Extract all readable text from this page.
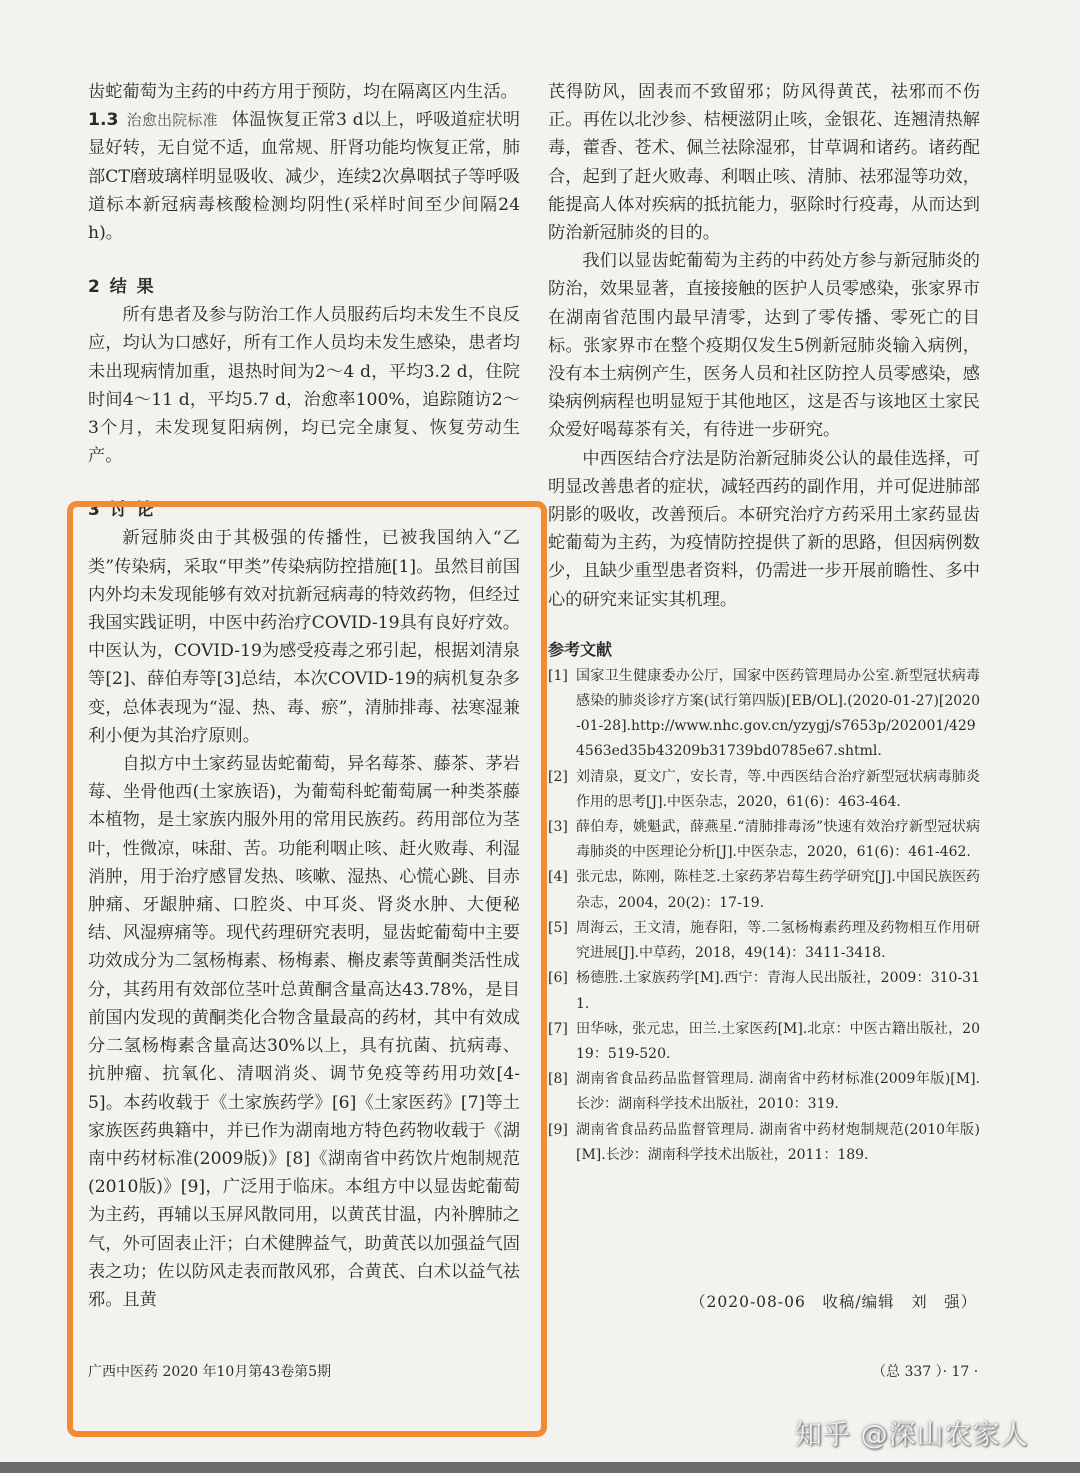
齿蛇葡萄为主药的中药方用于预防，均在隔离区内生活。

1.3 治愈出院标准 体温恢复正常3 d以上，呼吸道症状明显好转，无自觉不适，血常规、肝肾功能均恢复正常，肺部CT磨玻璃样明显吸收、减少，连续2次鼻咽拭子等呼吸道标本新冠病毒核酸检测均阴性(采样时间至少间隔24 h)。

2 结 果

所有患者及参与防治工作人员服药后均未发生不良反应，均认为口感好，所有工作人员均未发生感染，患者均未出现病情加重，退热时间为2～4 d，平均3.2 d，住院时间4～11 d，平均5.7 d，治愈率100%，追踪随访2～3个月，未发现复阳病例，均已完全康复、恢复劳动生产。

3 讨 论

新冠肺炎由于其极强的传播性，已被我国纳入“乙类”传染病，采取“甲类”传染病防控措施[1]。虽然目前国内外均未发现能够有效对抗新冠病毒的特效药物，但经过我国实践证明，中医中药治疗COVID-19具有良好疗效。中医认为，COVID-19为感受疫毒之邪引起，根据刘清泉等[2]、薛伯寿等[3]总结，本次COVID-19的病机复杂多变，总体表现为“湿、热、毒、瘀”，清肺排毒、祛寒湿兼利小便为其治疗原则。

自拟方中土家药显齿蛇葡萄，异名莓茶、藤茶、茅岩莓、坐骨他西(土家族语)，为葡萄科蛇葡萄属一种类茶藤本植物，是土家族内服外用的常用民族药。药用部位为茎叶，性微凉，味甜、苦。功能利咽止咳、赶火败毒、利湿消肿，用于治疗感冒发热、咳嗽、湿热、心慌心跳、目赤肿痛、牙龈肿痛、口腔炎、中耳炎、肾炎水肿、大便秘结、风湿痹痛等。现代药理研究表明，显齿蛇葡萄中主要功效成分为二氢杨梅素、杨梅素、槲皮素等黄酮类活性成分，其药用有效部位茎叶总黄酮含量高达43.78%，是目前国内发现的黄酮类化合物含量最高的药材，其中有效成分二氢杨梅素含量高达30%以上，具有抗菌、抗病毒、抗肿瘤、抗氧化、清咽消炎、调节免疫等药用功效[4-5]。本药收载于《土家族药学》[6]《土家医药》[7]等土家族医药典籍中，并已作为湖南地方特色药物收载于《湖南中药材标准(2009版)》[8]《湖南省中药饮片炮制规范(2010版)》[9]，广泛用于临床。本组方中以显齿蛇葡萄为主药，再辅以玉屏风散同用，以黄芪甘温，内补脾肺之气，外可固表止汗；白术健脾益气，助黄芪以加强益气固表之功；佐以防风走表而散风邪，合黄芪、白术以益气祛邪。且黄

芪得防风，固表而不致留邪；防风得黄芪，祛邪而不伤正。再佐以北沙参、桔梗滋阴止咳，金银花、连翘清热解毒，藿香、苍术、佩兰祛除湿邪，甘草调和诸药。诸药配合，起到了赶火败毒、利咽止咳、清肺、祛邪湿等功效，能提高人体对疾病的抵抗能力，驱除时行疫毒，从而达到防治新冠肺炎的目的。

我们以显齿蛇葡萄为主药的中药处方参与新冠肺炎的防治，效果显著，直接接触的医护人员零感染，张家界市在湖南省范围内最早清零，达到了零传播、零死亡的目标。张家界市在整个疫期仅发生5例新冠肺炎输入病例，没有本土病例产生，医务人员和社区防控人员零感染，感染病例病程也明显短于其他地区，这是否与该地区土家民众爱好喝莓茶有关，有待进一步研究。

中西医结合疗法是防治新冠肺炎公认的最佳选择，可明显改善患者的症状，减轻西药的副作用，并可促进肺部阴影的吸收，改善预后。本研究治疗方药采用土家药显齿蛇葡萄为主药，为疫情防控提供了新的思路，但因病例数少，且缺少重型患者资料，仍需进一步开展前瞻性、多中心的研究来证实其机理。

参考文献

[1] 国家卫生健康委办公厅，国家中医药管理局办公室.新型冠状病毒感染的肺炎诊疗方案(试行第四版)[EB/OL].(2020-01-27)[2020-01-28].http://www.nhc.gov.cn/yzygj/s7653p/202001/4294563ed35b43209b31739bd0785e67.shtml.
[2] 刘清泉，夏文广，安长青，等.中西医结合治疗新型冠状病毒肺炎作用的思考[J].中医杂志，2020，61(6)：463-464.
[3] 薛伯寿，姚魁武，薛燕星.“清肺排毒汤”快速有效治疗新型冠状病毒肺炎的中医理论分析[J].中医杂志，2020，61(6)：461-462.
[4] 张元忠，陈刚，陈桂芝.土家药茅岩莓生药学研究[J].中国民族医药杂志，2004，20(2)：17-19.
[5] 周海云，王文清，施春阳，等.二氢杨梅素药理及药物相互作用研究进展[J].中草药，2018，49(14)：3411-3418.
[6] 杨德胜.土家族药学[M].西宁：青海人民出版社，2009：310-311.
[7] 田华咏，张元忠，田兰.土家医药[M].北京：中医古籍出版社，2019：519-520.
[8] 湖南省食品药品监督管理局. 湖南省中药材标准(2009年版)[M].长沙：湖南科学技术出版社，2010：319.
[9] 湖南省食品药品监督管理局. 湖南省中药材炮制规范(2010年版)[M].长沙：湖南科学技术出版社，2011：189.
（2020-08-06　收稿/编辑　刘　强）
广西中医药 2020 年10月第43卷第5期	（总 337 ）· 17 ·
知乎 @深山农家人
